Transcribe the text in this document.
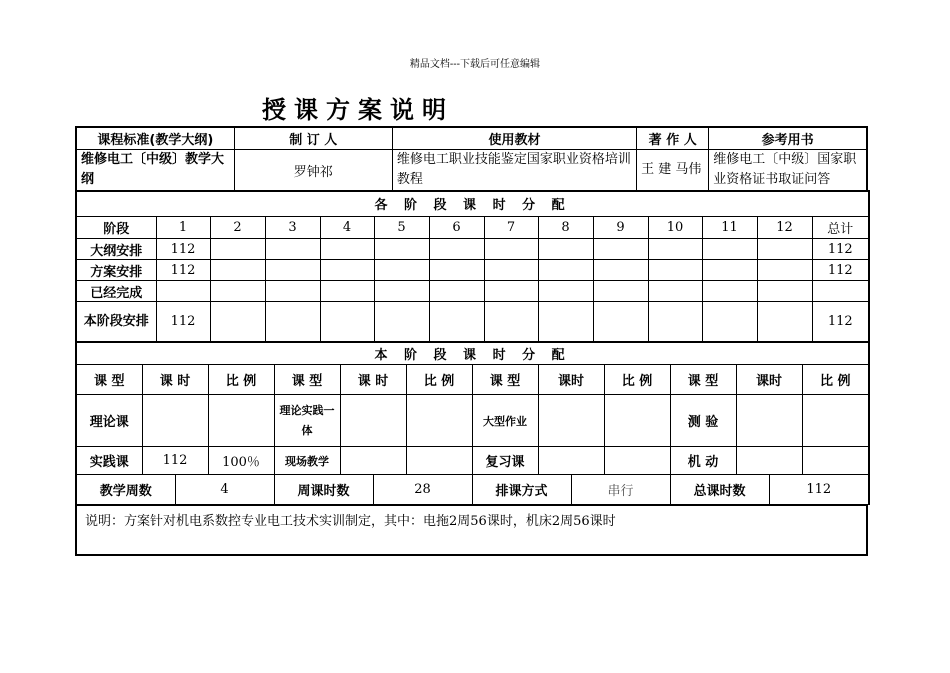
精品文档---下载后可任意编辑
授课方案说明
课程标准(教学大纲)	制 订 人	使用教材	著 作 人	参考用书
维修电工〔中级〕教学大纲	罗钟祁	维修电工职业技能鉴定国家职业资格培训教程	王 建 马伟	维修电工〔中级〕国家职业资格证书取证问答
各 阶 段 课 时 分 配													
阶段	1	2	3	4	5	6	7	8	9	10	11	12	总计
大纲安排	112												112
方案安排	112												112
已经完成													
本阶段安排	112												112
本 阶 段 课 时 分 配											
课 型	课 时	比 例	课 型	课 时	比 例	课 型	课时	比 例	课 型	课时	比 例
理论课			理论实践一体			大型作业			测 验		
实践课	112	100％	现场教学			复习课			机 动		
教学周数	4	周课时数	28	排课方式	串行	总课时数	112
说明：方案针对机电系数控专业电工技术实训制定，其中：电拖2周56课时，机床2周56课时
